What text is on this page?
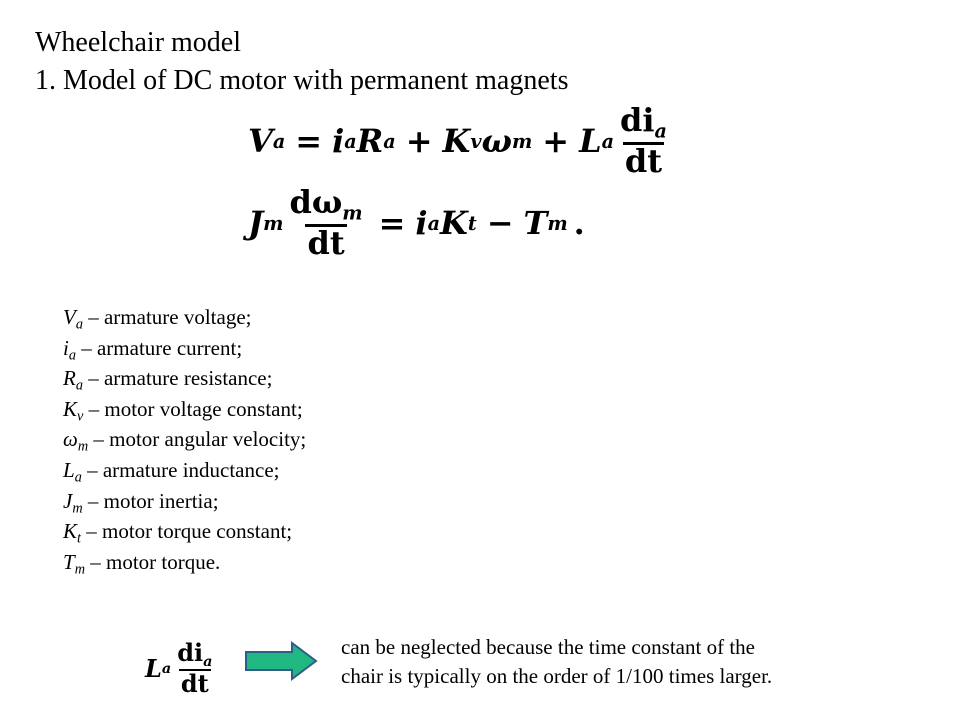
Wheelchair model
1. Model of DC motor with permanent magnets
V a = i a R a + K v ω m + L a $\frac{di_a}{dt}$
J m $\frac{d\omega_m}{dt} = i$ a K t − T m .
$V_a$ – armature voltage;
$i_a$ – armature current;
$R_a$ – armature resistance;
$K_v$ – motor voltage constant;
$\omega_m$ – motor angular velocity;
$L_a$ – armature inductance;
$J_m$ – motor inertia;
$K_t$ – motor torque constant;
$T_m$ – motor torque.
L a $\frac{di_a}{dt}$	can be neglected because the time constant of the
chair is typically on the order of 1/100 times larger.
